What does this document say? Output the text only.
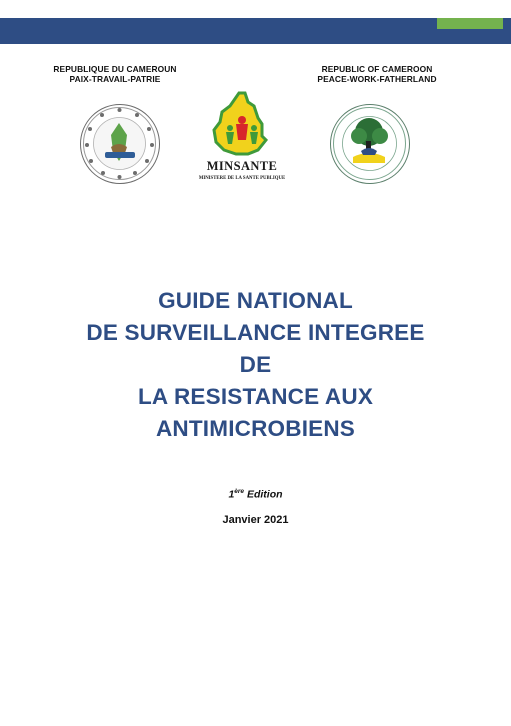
REPUBLIQUE DU CAMEROUN
PAIX-TRAVAIL-PATRIE
REPUBLIC OF CAMEROON
PEACE-WORK-FATHERLAND
MINSANTE
MINISTERE DE LA SANTE PUBLIQUE
GUIDE NATIONAL
DE SURVEILLANCE INTEGREE
DE
LA RESISTANCE AUX
ANTIMICROBIENS
1ère Edition
Janvier 2021
